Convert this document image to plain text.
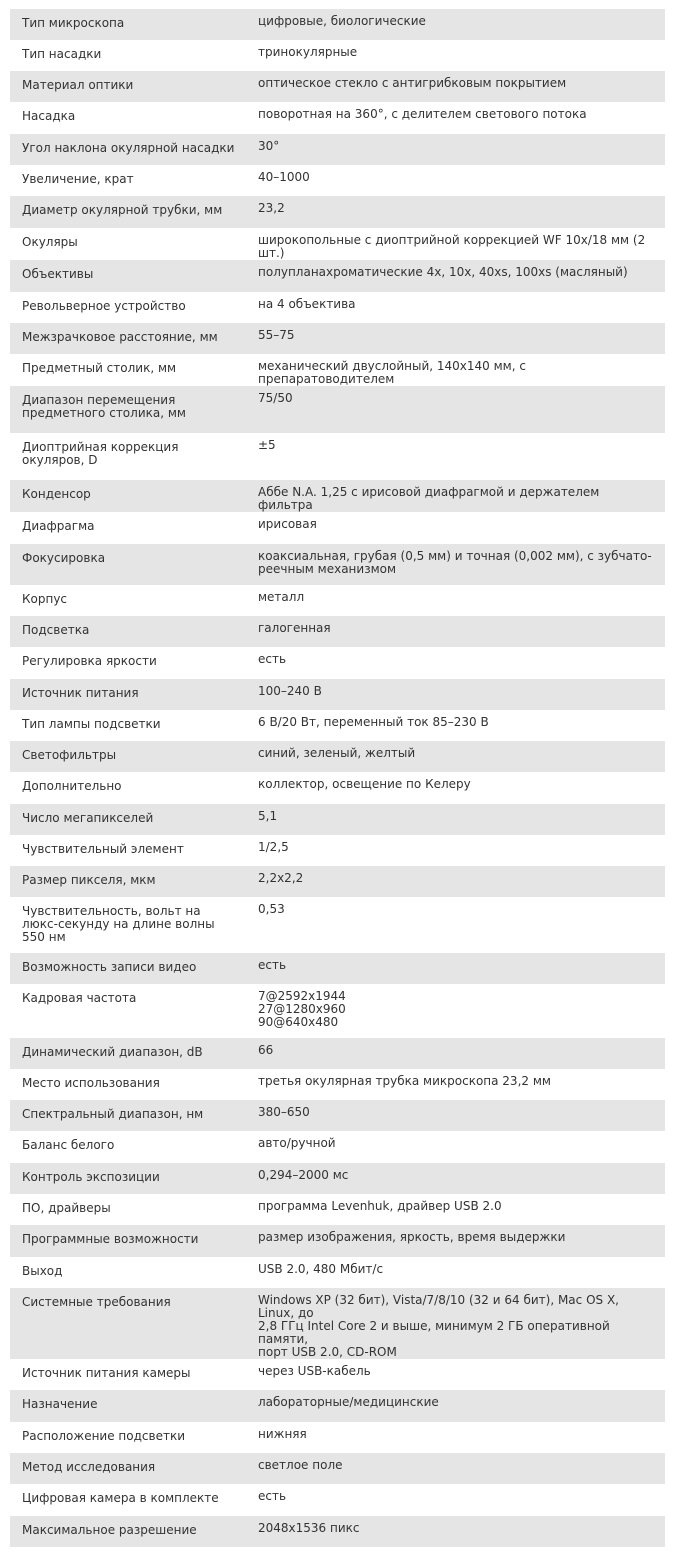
Тип микроскопа	цифровые, биологические
Тип насадки	тринокулярные
Материал оптики	оптическое стекло с антигрибковым покрытием
Насадка	поворотная на 360°, с делителем светового потока
Угол наклона окулярной насадки	30°
Увеличение, крат	40–1000
Диаметр окулярной трубки, мм	23,2
Окуляры	широкопольные с диоптрийной коррекцией WF 10x/18 мм (2 шт.)
Объективы	полупланахроматические 4x, 10x, 40xs, 100xs (масляный)
Револьверное устройство	на 4 объектива
Межзрачковое расстояние, мм	55–75
Предметный столик, мм	механический двуслойный, 140x140 мм, с препаратоводителем
Диапазон перемещения
предметного столика, мм	75/50
Диоптрийная коррекция
окуляров, D	±5
Конденсор	Аббе N.A. 1,25 с ирисовой диафрагмой и держателем фильтра
Диафрагма	ирисовая
Фокусировка	коаксиальная, грубая (0,5 мм) и точная (0,002 мм), с зубчато-
реечным механизмом
Корпус	металл
Подсветка	галогенная
Регулировка яркости	есть
Источник питания	100–240 В
Тип лампы подсветки	6 В/20 Вт, переменный ток 85–230 В
Светофильтры	синий, зеленый, желтый
Дополнительно	коллектор, освещение по Келеру
Число мегапикселей	5,1
Чувствительный элемент	1/2,5
Размер пикселя, мкм	2,2x2,2
Чувствительность, вольт на
люкс-секунду на длине волны
550 нм	0,53
Возможность записи видео	есть
Кадровая частота	7@2592x1944
27@1280x960
90@640x480
Динамический диапазон, dB	66
Место использования	третья окулярная трубка микроскопа 23,2 мм
Спектральный диапазон, нм	380–650
Баланс белого	авто/ручной
Контроль экспозиции	0,294–2000 мс
ПО, драйверы	программа Levenhuk, драйвер USB 2.0
Программные возможности	размер изображения, яркость, время выдержки
Выход	USB 2.0, 480 Мбит/с
Системные требования	Windows XP (32 бит), Vista/7/8/10 (32 и 64 бит), Mac OS X, Linux, до
2,8 ГГц Intel Core 2 и выше, минимум 2 ГБ оперативной памяти,
порт USB 2.0, CD-ROM
Источник питания камеры	через USB-кабель
Назначение	лабораторные/медицинские
Расположение подсветки	нижняя
Метод исследования	светлое поле
Цифровая камера в комплекте	есть
Максимальное разрешение	2048x1536 пикс
